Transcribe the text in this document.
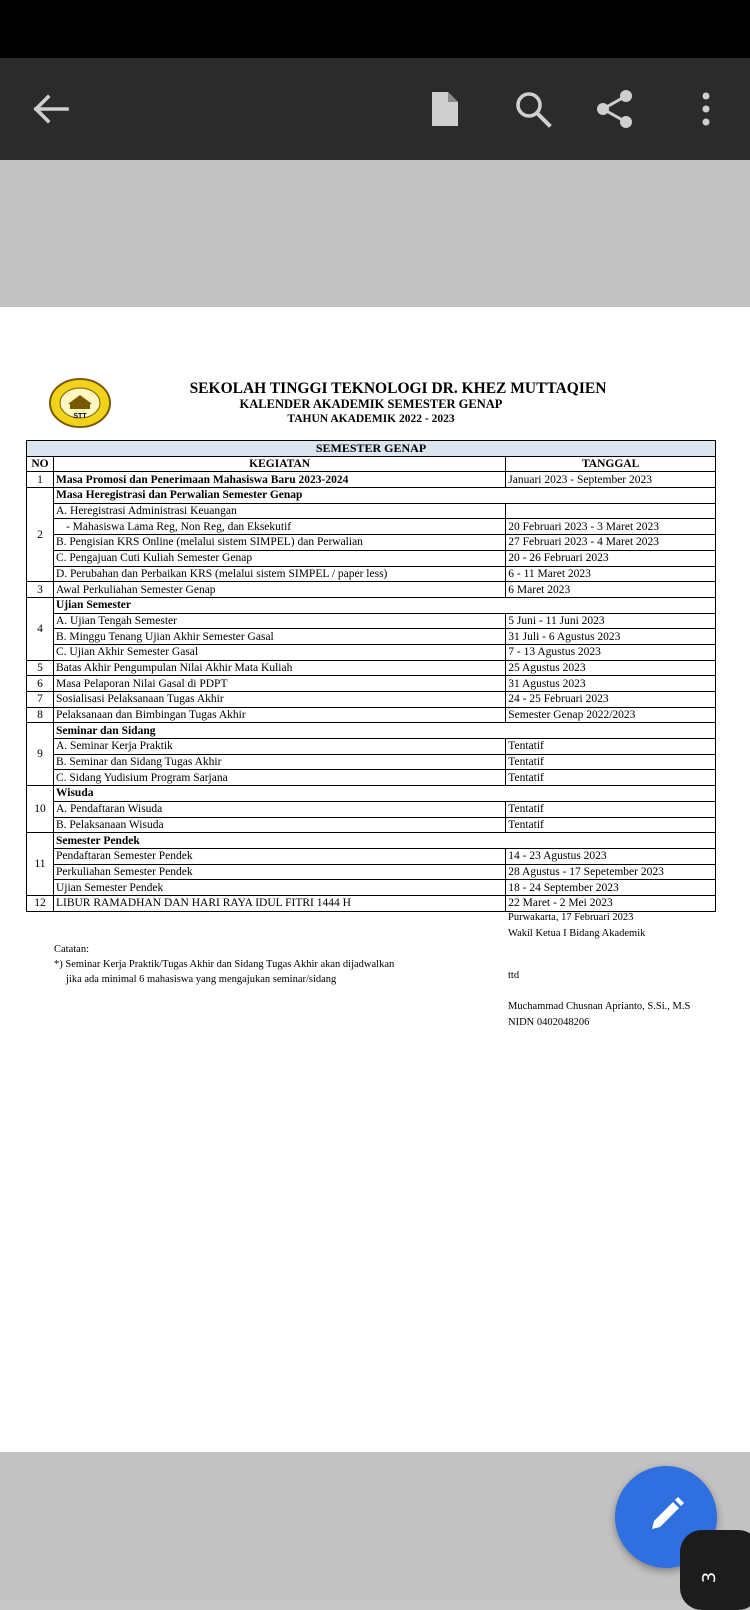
STT
SEKOLAH TINGGI TEKNOLOGI DR. KHEZ MUTTAQIEN
KALENDER AKADEMIK SEMESTER GENAP
TAHUN AKADEMIK 2022 - 2023
SEMESTER GENAP		
NO	KEGIATAN	TANGGAL
1	Masa Promosi dan Penerimaan Mahasiswa Baru 2023-2024	Januari 2023 - September 2023
2	Masa Heregistrasi dan Perwalian Semester Genap	
	A. Heregistrasi Administrasi Keuangan	
	- Mahasiswa Lama Reg, Non Reg, dan Eksekutif	20 Februari 2023 - 3 Maret 2023
	B. Pengisian KRS Online (melalui sistem SIMPEL) dan Perwalian	27 Februari 2023 - 4 Maret 2023
	C. Pengajuan Cuti Kuliah Semester Genap	20 - 26 Februari 2023
	D. Perubahan dan Perbaikan KRS (melalui sistem SIMPEL / paper less)	6 - 11 Maret 2023
3	Awal Perkuliahan Semester Genap	6 Maret 2023
4	Ujian Semester	
	A. Ujian Tengah Semester	5 Juni - 11 Juni 2023
	B. Minggu Tenang Ujian Akhir Semester Gasal	31 Juli - 6 Agustus 2023
	C. Ujian Akhir Semester Gasal	7 - 13 Agustus 2023
5	Batas Akhir Pengumpulan Nilai Akhir Mata Kuliah	25 Agustus 2023
6	Masa Pelaporan Nilai Gasal di PDPT	31 Agustus 2023
7	Sosialisasi Pelaksanaan Tugas Akhir	24 - 25 Februari 2023
8	Pelaksanaan dan Bimbingan Tugas Akhir	Semester Genap 2022/2023
9	Seminar dan Sidang	
	A. Seminar Kerja Praktik	Tentatif
	B. Seminar dan Sidang Tugas Akhir	Tentatif
	C. Sidang Yudisium Program Sarjana	Tentatif
10	Wisuda	
	A. Pendaftaran Wisuda	Tentatif
	B. Pelaksanaan Wisuda	Tentatif
11	Semester Pendek	
	Pendaftaran Semester Pendek	14 - 23 Agustus 2023
	Perkuliahan Semester Pendek	28 Agustus - 17 Sepetember 2023
	Ujian Semester Pendek	18 - 24 September 2023
12	LIBUR RAMADHAN DAN HARI RAYA IDUL FITRI 1444 H	22 Maret - 2 Mei 2023
Purwakarta, 17 Februari 2023
Wakil Ketua I Bidang Akademik
ttd
Muchammad Chusnan Aprianto, S.Si., M.S
NIDN 0402048206
Catatan:
*) Seminar Kerja Praktik/Tugas Akhir dan Sidang Tugas Akhir akan dijadwalkan
jika ada minimal 6 mahasiswa yang mengajukan seminar/sidang
3
